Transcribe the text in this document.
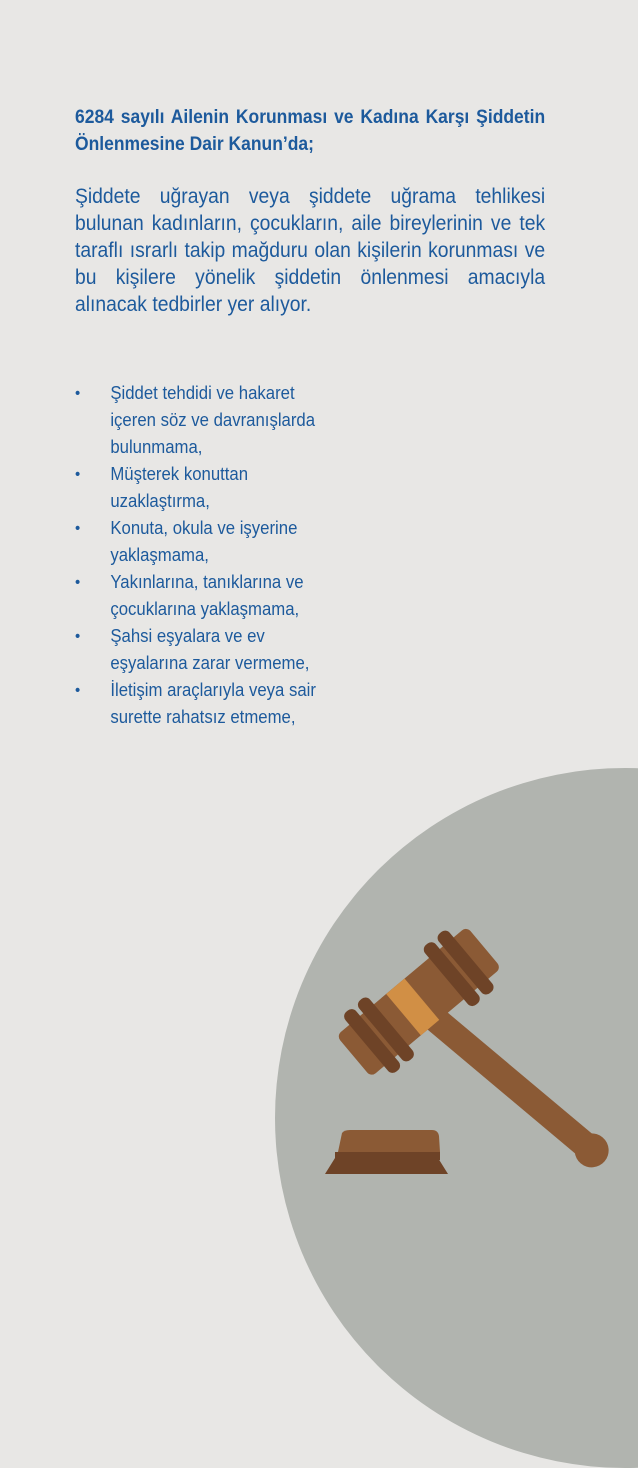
6284 sayılı Ailenin Korunması ve Kadına Karşı Şiddetin Önlenmesine Dair Kanun’da;
Şiddete uğrayan veya şiddete uğrama tehlikesi bulunan kadınların, çocukların, aile bireylerinin ve tek taraflı ısrarlı takip mağduru olan kişilerin korunması ve bu kişilere yönelik şiddetin önlenmesi amacıyla alınacak tedbirler yer alıyor.
• Şiddet tehdidi ve hakaret içeren söz ve davranışlarda bulunmama,
• Müşterek konuttan uzaklaştırma,
• Konuta, okula ve işyerine yaklaşmama,
• Yakınlarına, tanıklarına ve çocuklarına yaklaşmama,
• Şahsi eşyalara ve ev eşyalarına zarar vermeme,
• İletişim araçlarıyla veya sair surette rahatsız etmeme,
